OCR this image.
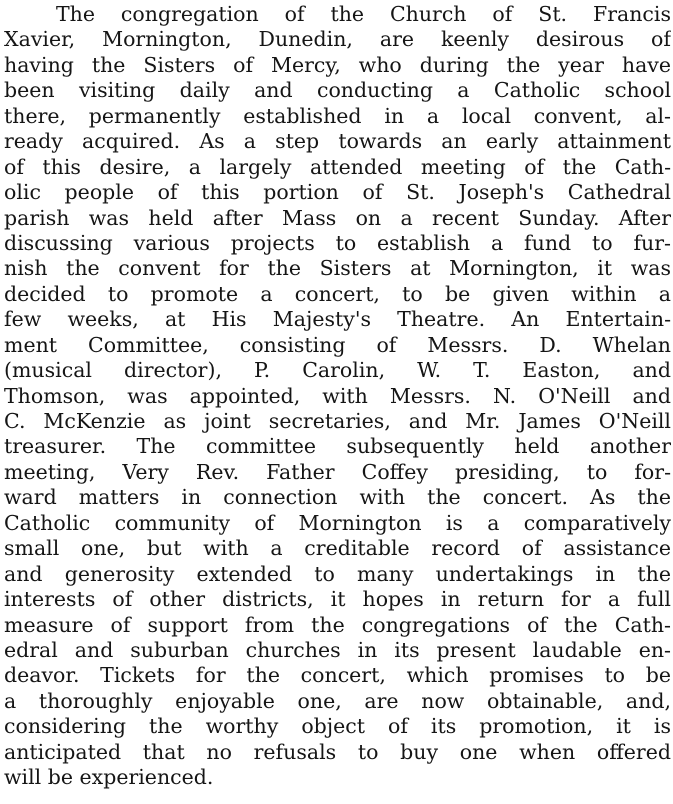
The congregation of the Church of St. Francis
Xavier, Mornington, Dunedin, are keenly desirous of
having the Sisters of Mercy, who during the year have
been visiting daily and conducting a Catholic school
there, permanently established in a local convent, al-
ready acquired. As a step towards an early attainment
of this desire, a largely attended meeting of the Cath-
olic people of this portion of St. Joseph's Cathedral
parish was held after Mass on a recent Sunday. After
discussing various projects to establish a fund to fur-
nish the convent for the Sisters at Mornington, it was
decided to promote a concert, to be given within a
few weeks, at His Majesty's Theatre. An Entertain-
ment Committee, consisting of Messrs. D. Whelan
(musical director), P. Carolin, W. T. Easton, and
Thomson, was appointed, with Messrs. N. O'Neill and
C. McKenzie as joint secretaries, and Mr. James O'Neill
treasurer. The committee subsequently held another
meeting, Very Rev. Father Coffey presiding, to for-
ward matters in connection with the concert. As the
Catholic community of Mornington is a comparatively
small one, but with a creditable record of assistance
and generosity extended to many undertakings in the
interests of other districts, it hopes in return for a full
measure of support from the congregations of the Cath-
edral and suburban churches in its present laudable en-
deavor. Tickets for the concert, which promises to be
a thoroughly enjoyable one, are now obtainable, and,
considering the worthy object of its promotion, it is
anticipated that no refusals to buy one when offered
will be experienced.
